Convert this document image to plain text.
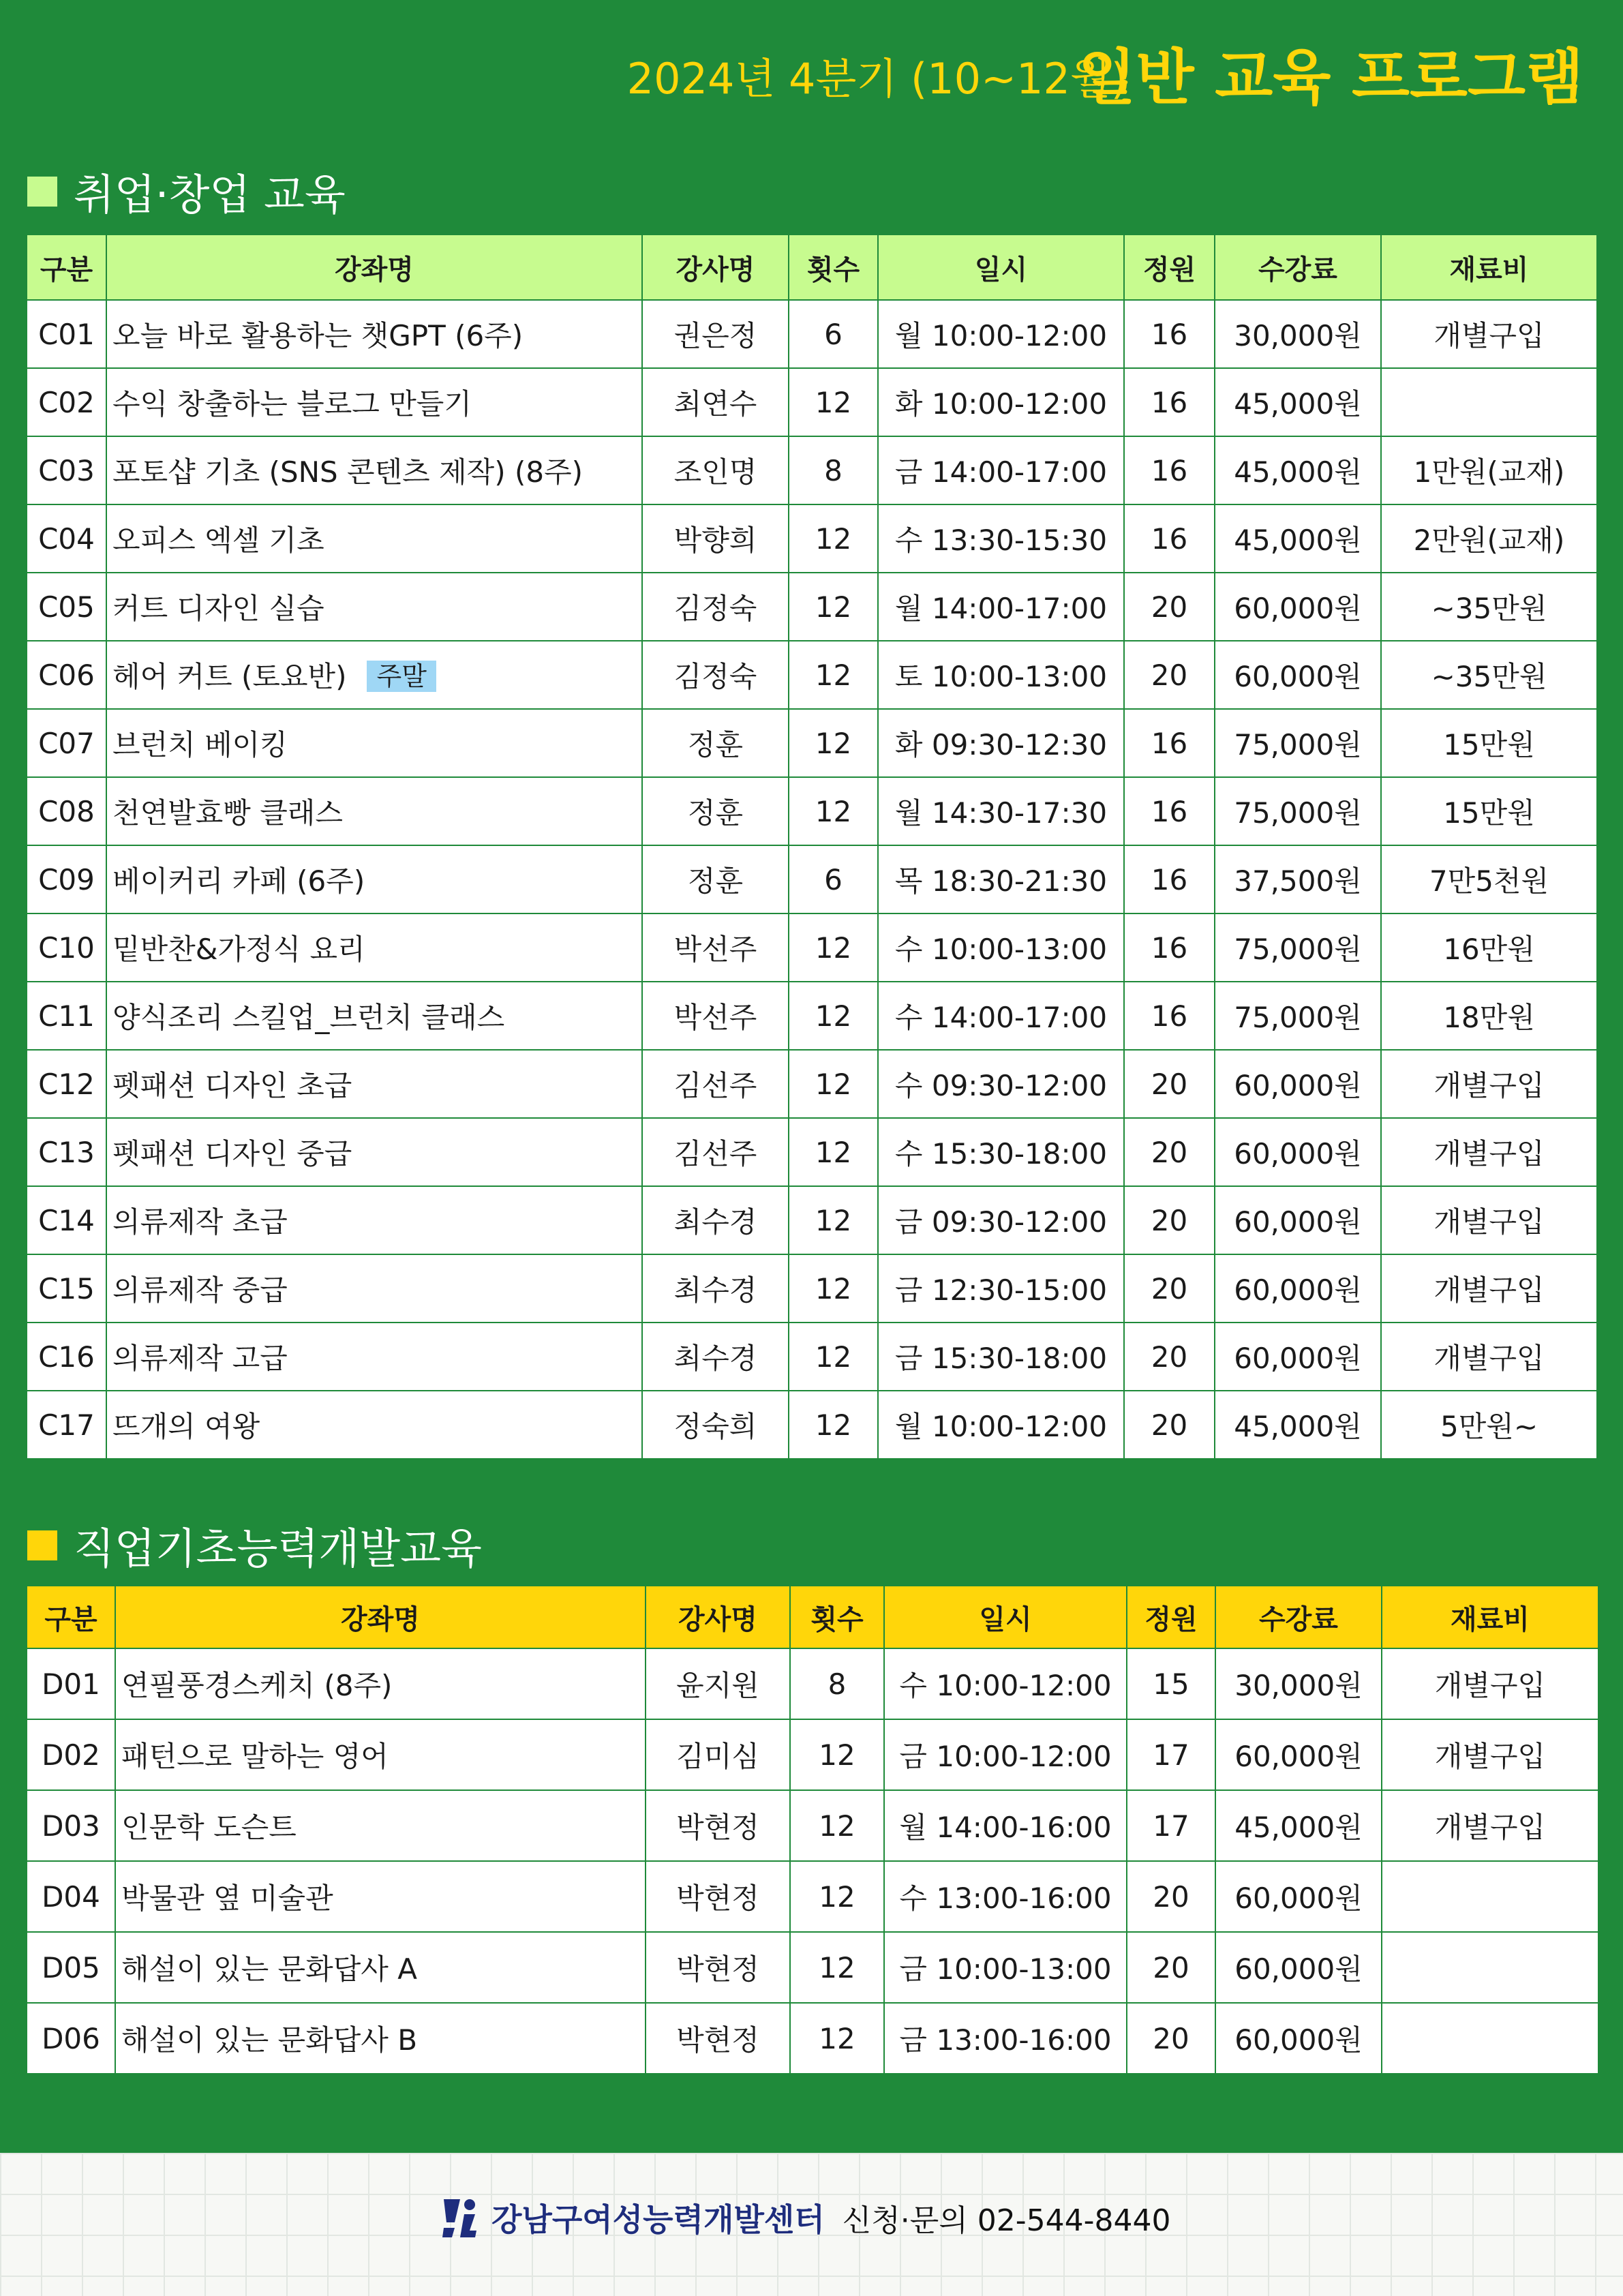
2024년 4분기 (10~12월)
일반 교육 프로그램
취업·창업 교육
구분	강좌명	강사명	횟수	일시	정원	수강료	재료비
C01	오늘 바로 활용하는 챗GPT (6주)	권은정	6	월 10:00-12:00	16	30,000원	개별구입
C02	수익 창출하는 블로그 만들기	최연수	12	화 10:00-12:00	16	45,000원	
C03	포토샵 기초 (SNS 콘텐츠 제작) (8주)	조인명	8	금 14:00-17:00	16	45,000원	1만원(교재)
C04	오피스 엑셀 기초	박향희	12	수 13:30-15:30	16	45,000원	2만원(교재)
C05	커트 디자인 실습	김정숙	12	월 14:00-17:00	20	60,000원	~35만원
C06	헤어 커트 (토요반) 주말	김정숙	12	토 10:00-13:00	20	60,000원	~35만원
C07	브런치 베이킹	정훈	12	화 09:30-12:30	16	75,000원	15만원
C08	천연발효빵 클래스	정훈	12	월 14:30-17:30	16	75,000원	15만원
C09	베이커리 카페 (6주)	정훈	6	목 18:30-21:30	16	37,500원	7만5천원
C10	밑반찬&가정식 요리	박선주	12	수 10:00-13:00	16	75,000원	16만원
C11	양식조리 스킬업_브런치 클래스	박선주	12	수 14:00-17:00	16	75,000원	18만원
C12	펫패션 디자인 초급	김선주	12	수 09:30-12:00	20	60,000원	개별구입
C13	펫패션 디자인 중급	김선주	12	수 15:30-18:00	20	60,000원	개별구입
C14	의류제작 초급	최수경	12	금 09:30-12:00	20	60,000원	개별구입
C15	의류제작 중급	최수경	12	금 12:30-15:00	20	60,000원	개별구입
C16	의류제작 고급	최수경	12	금 15:30-18:00	20	60,000원	개별구입
C17	뜨개의 여왕	정숙희	12	월 10:00-12:00	20	45,000원	5만원~
직업기초능력개발교육
구분	강좌명	강사명	횟수	일시	정원	수강료	재료비
D01	연필풍경스케치 (8주)	윤지원	8	수 10:00-12:00	15	30,000원	개별구입
D02	패턴으로 말하는 영어	김미심	12	금 10:00-12:00	17	60,000원	개별구입
D03	인문학 도슨트	박현정	12	월 14:00-16:00	17	45,000원	개별구입
D04	박물관 옆 미술관	박현정	12	수 13:00-16:00	20	60,000원	
D05	해설이 있는 문화답사 A	박현정	12	금 10:00-13:00	20	60,000원	
D06	해설이 있는 문화답사 B	박현정	12	금 13:00-16:00	20	60,000원	
강남구여성능력개발센터 신청·문의 02-544-8440
